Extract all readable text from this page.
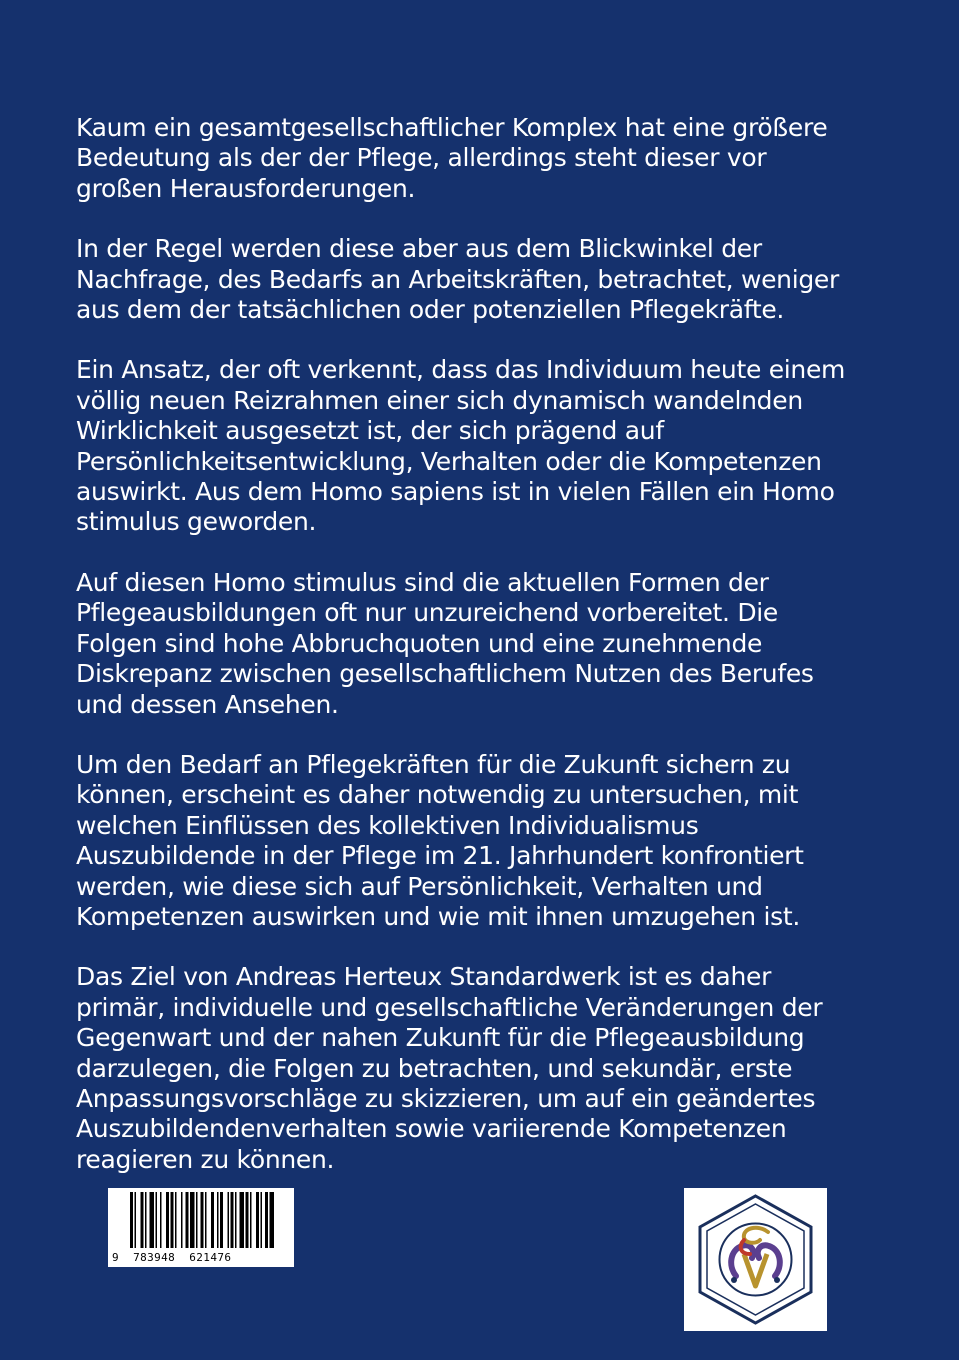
Kaum ein gesamtgesellschaftlicher Komplex hat eine größere
Bedeutung als der der Pflege, allerdings steht dieser vor
großen Herausforderungen.

In der Regel werden diese aber aus dem Blickwinkel der
Nachfrage, des Bedarfs an Arbeitskräften, betrachtet, weniger
aus dem der tatsächlichen oder potenziellen Pflegekräfte.

Ein Ansatz, der oft verkennt, dass das Individuum heute einem
völlig neuen Reizrahmen einer sich dynamisch wandelnden
Wirklichkeit ausgesetzt ist, der sich prägend auf
Persönlichkeitsentwicklung, Verhalten oder die Kompetenzen
auswirkt. Aus dem Homo sapiens ist in vielen Fällen ein Homo
stimulus geworden.

Auf diesen Homo stimulus sind die aktuellen Formen der
Pflegeausbildungen oft nur unzureichend vorbereitet. Die
Folgen sind hohe Abbruchquoten und eine zunehmende
Diskrepanz zwischen gesellschaftlichem Nutzen des Berufes
und dessen Ansehen.

Um den Bedarf an Pflegekräften für die Zukunft sichern zu
können, erscheint es daher notwendig zu untersuchen, mit
welchen Einflüssen des kollektiven Individualismus
Auszubildende in der Pflege im 21. Jahrhundert konfrontiert
werden, wie diese sich auf Persönlichkeit, Verhalten und
Kompetenzen auswirken und wie mit ihnen umzugehen ist.

Das Ziel von Andreas Herteux Standardwerk ist es daher
primär, individuelle und gesellschaftliche Veränderungen der
Gegenwart und der nahen Zukunft für die Pflegeausbildung
darzulegen, die Folgen zu betrachten, und sekundär, erste
Anpassungsvorschläge zu skizzieren, um auf ein geändertes
Auszubildendenverhalten sowie variierende Kompetenzen
reagieren zu können.

9  783948  621476
